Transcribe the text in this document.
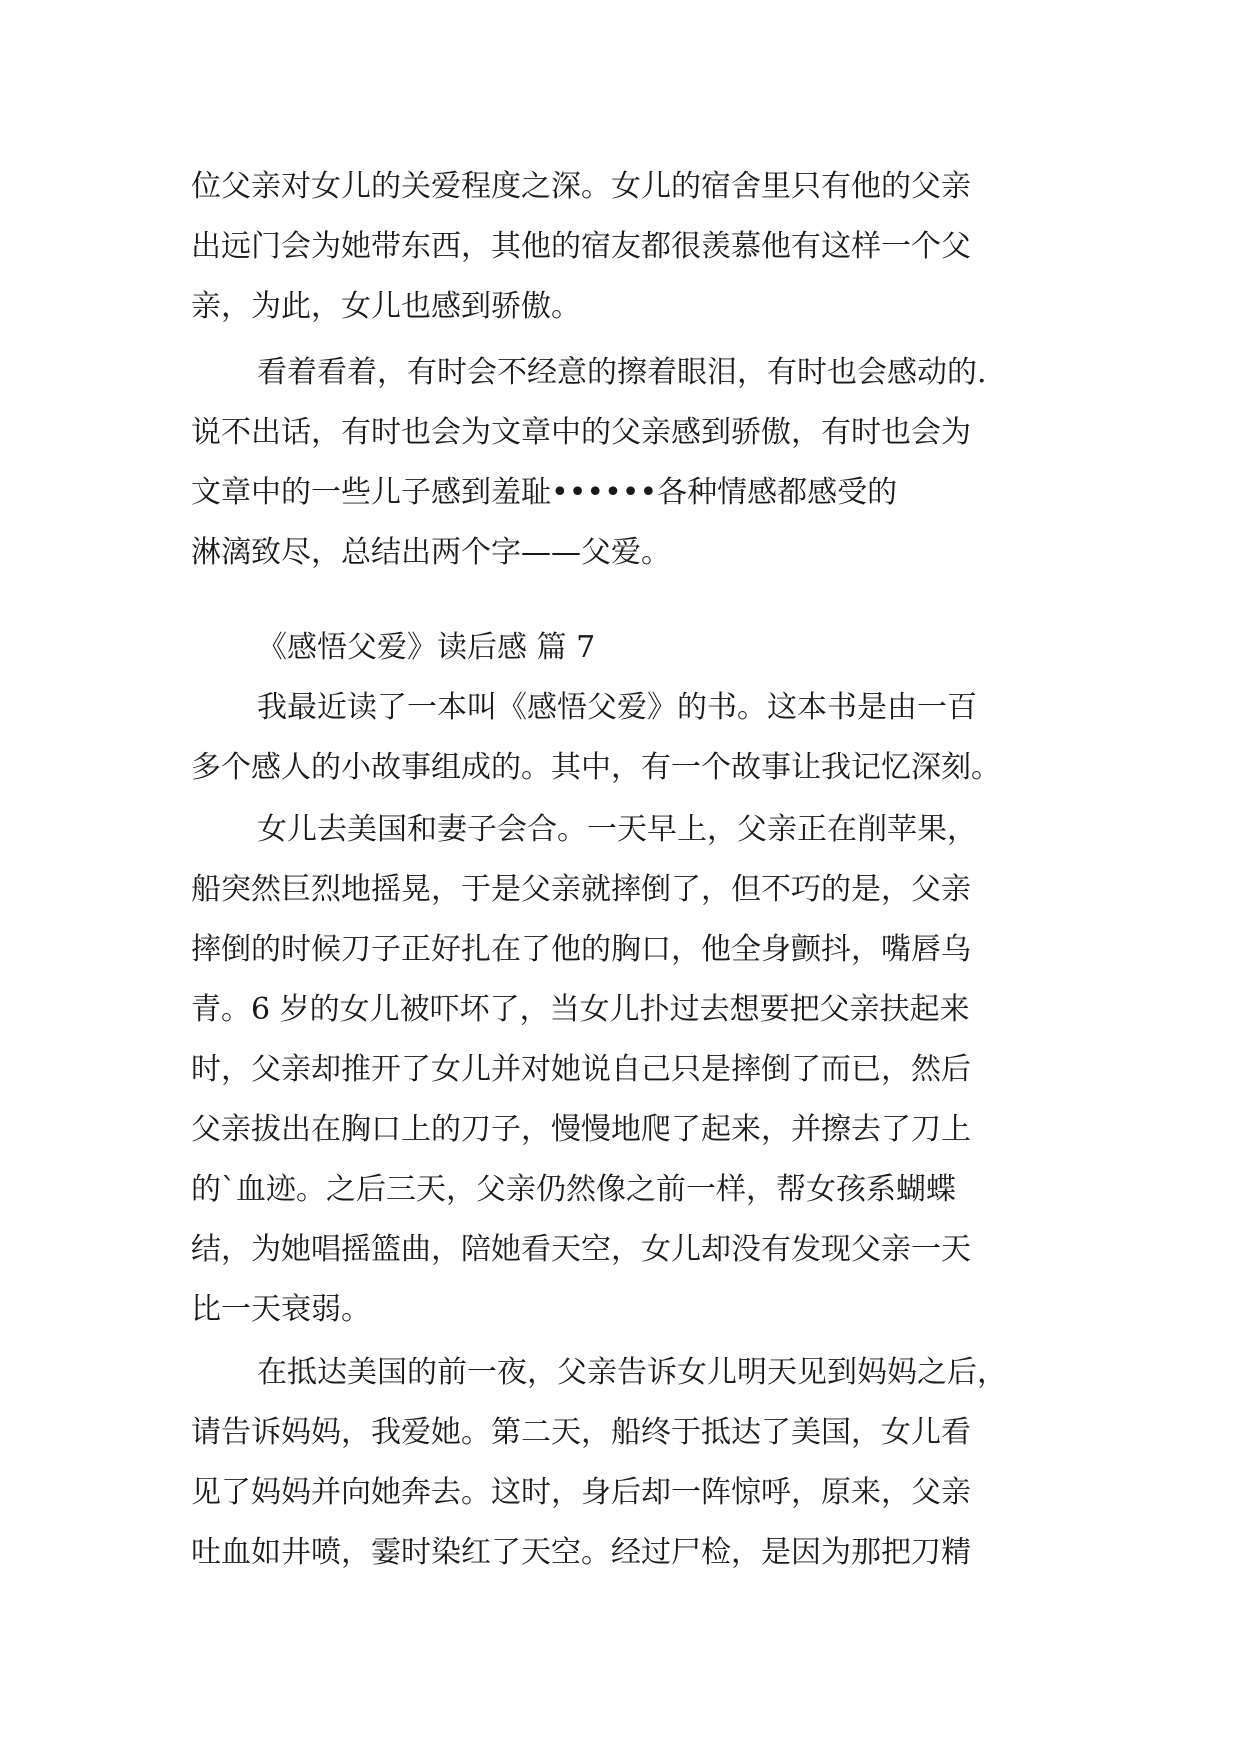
位父亲对女儿的关爱程度之深。女儿的宿舍里只有他的父亲
出远门会为她带东西，其他的宿友都很羡慕他有这样一个父
亲，为此，女儿也感到骄傲。
看着看着，有时会不经意的擦着眼泪，有时也会感动的.
说不出话，有时也会为文章中的父亲感到骄傲，有时也会为
文章中的一些儿子感到羞耻••••••各种情感都感受的
淋漓致尽，总结出两个字——父爱。
《感悟父爱》读后感 篇 7
我最近读了一本叫《感悟父爱》的书。这本书是由一百
多个感人的小故事组成的。其中，有一个故事让我记忆深刻。
女儿去美国和妻子会合。一天早上，父亲正在削苹果，
船突然巨烈地摇晃，于是父亲就摔倒了，但不巧的是，父亲
摔倒的时候刀子正好扎在了他的胸口，他全身颤抖，嘴唇乌
青。6 岁的女儿被吓坏了，当女儿扑过去想要把父亲扶起来
时，父亲却推开了女儿并对她说自己只是摔倒了而已，然后
父亲拔出在胸口上的刀子，慢慢地爬了起来，并擦去了刀上
的`血迹。之后三天，父亲仍然像之前一样，帮女孩系蝴蝶
结，为她唱摇篮曲，陪她看天空，女儿却没有发现父亲一天
比一天衰弱。
在抵达美国的前一夜，父亲告诉女儿明天见到妈妈之后，
请告诉妈妈，我爱她。第二天，船终于抵达了美国，女儿看
见了妈妈并向她奔去。这时，身后却一阵惊呼，原来，父亲
吐血如井喷，霎时染红了天空。经过尸检，是因为那把刀精
